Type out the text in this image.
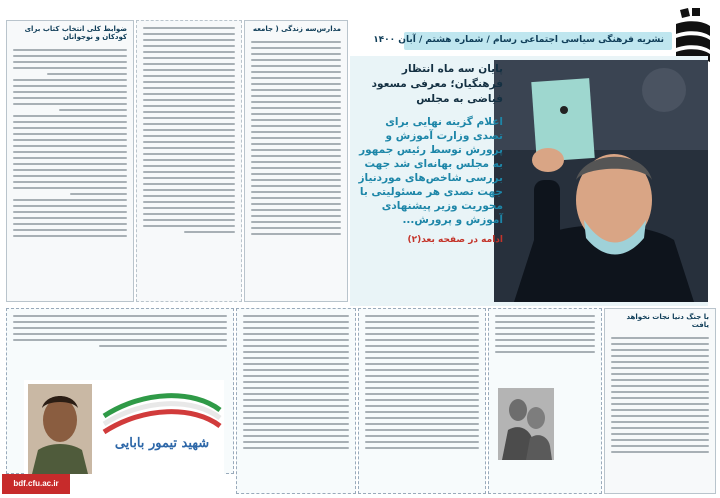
نشریه فرهنگی سیاسی اجتماعی رسام / شماره هشتم / آبان ۱۴۰۰
پایان سه ماه انتظار فرهنگیان؛ معرفی مسعود فیاضی به مجلس
اعلام گزینه نهایی برای تصدی وزارت آموزش و پرورش توسط رئیس جمهور به مجلس بهانه‌ای شد جهت بررسی شاخص‌های موردنیاز جهت تصدی هر مسئولیتی با محوریت وزیر پیشنهادی آموزش و پرورش...
ادامه در صفحه بعد(۲)
ضوابط کلی انتخاب کتاب برای کودکان و نوجوانان
مدارس‌سه زندگی ( جامعه
شهید تیمور بابایی
با جنگ دنیا نجات نخواهد یافت
bdf.cfu.ac.ir
